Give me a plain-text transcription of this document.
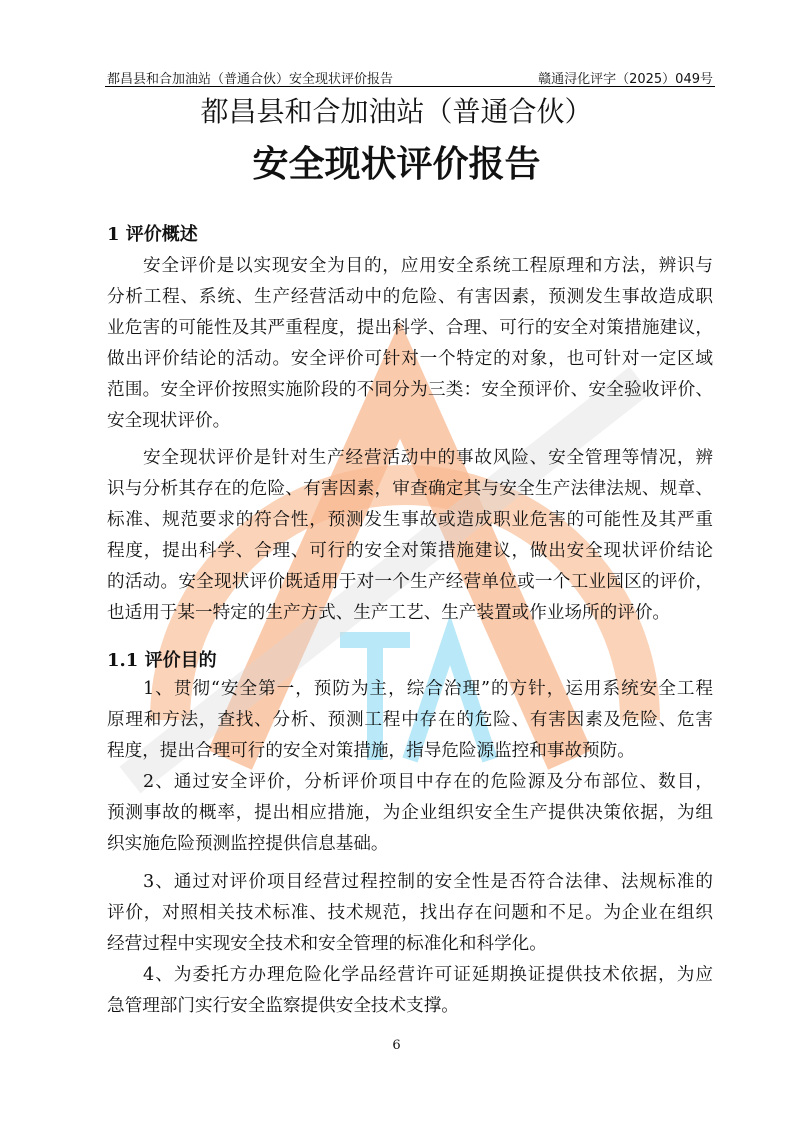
都昌县和合加油站（普通合伙）安全现状评价报告	赣通浔化评字（2025）049号
都昌县和合加油站（普通合伙）
安全现状评价报告
1 评价概述
安全评价是以实现安全为目的，应用安全系统工程原理和方法，辨识与
分析工程、系统、生产经营活动中的危险、有害因素，预测发生事故造成职
业危害的可能性及其严重程度，提出科学、合理、可行的安全对策措施建议，
做出评价结论的活动。安全评价可针对一个特定的对象，也可针对一定区域
范围。安全评价按照实施阶段的不同分为三类：安全预评价、安全验收评价、
安全现状评价。
安全现状评价是针对生产经营活动中的事故风险、安全管理等情况，辨
识与分析其存在的危险、有害因素，审查确定其与安全生产法律法规、规章、
标准、规范要求的符合性，预测发生事故或造成职业危害的可能性及其严重
程度，提出科学、合理、可行的安全对策措施建议，做出安全现状评价结论
的活动。安全现状评价既适用于对一个生产经营单位或一个工业园区的评价，
也适用于某一特定的生产方式、生产工艺、生产装置或作业场所的评价。
1.1 评价目的
1、贯彻“安全第一，预防为主，综合治理”的方针，运用系统安全工程
原理和方法，查找、分析、预测工程中存在的危险、有害因素及危险、危害
程度，提出合理可行的安全对策措施，指导危险源监控和事故预防。
2、通过安全评价，分析评价项目中存在的危险源及分布部位、数目，
预测事故的概率，提出相应措施，为企业组织安全生产提供决策依据，为组
织实施危险预测监控提供信息基础。
3、通过对评价项目经营过程控制的安全性是否符合法律、法规标准的
评价，对照相关技术标准、技术规范，找出存在问题和不足。为企业在组织
经营过程中实现安全技术和安全管理的标准化和科学化。
4、为委托方办理危险化学品经营许可证延期换证提供技术依据，为应
急管理部门实行安全监察提供安全技术支撑。
6
